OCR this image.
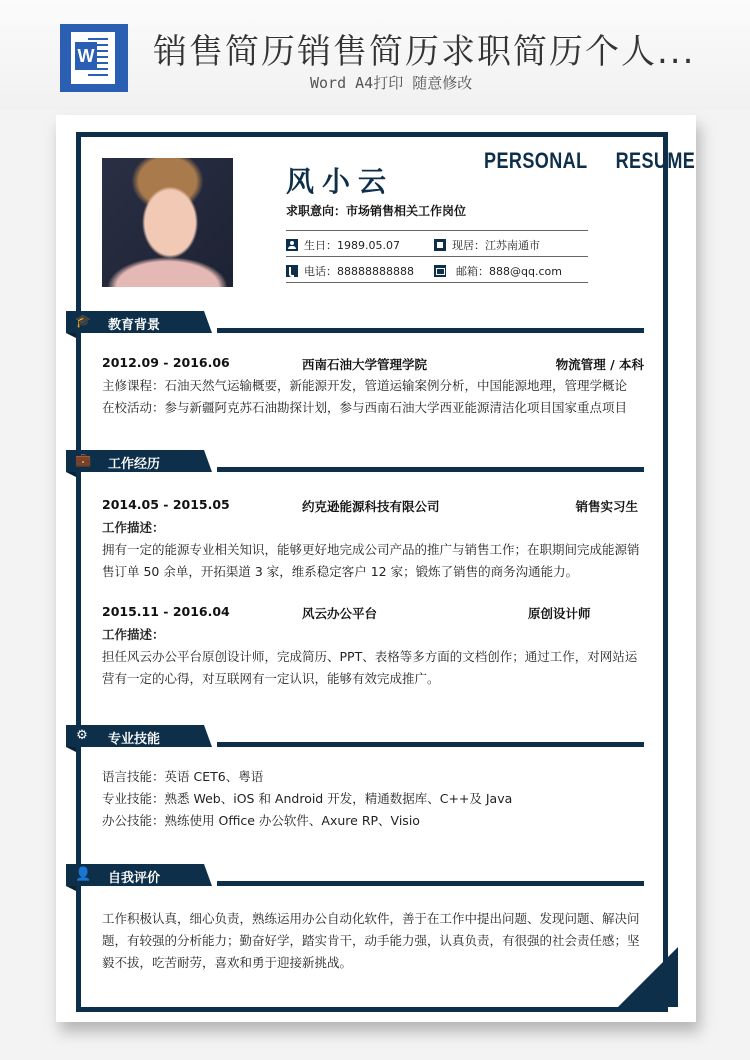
W 销售简历销售简历求职简历个人...
Word A4打印 随意修改
PERSONAL RESUME
风小云
求职意向：市场销售相关工作岗位
生日：1989.05.07	现居：江苏南通市
电话：88888888888	邮箱：888@qq.com
🎓 教育背景
2012.09 - 2016.06	西南石油大学管理学院	物流管理 / 本科
主修课程：石油天然气运输概要，新能源开发，管道运输案例分析，中国能源地理，管理学概论
在校活动：参与新疆阿克苏石油勘探计划，参与西南石油大学西亚能源清洁化项目国家重点项目
💼 工作经历
2014.05 - 2015.05	约克逊能源科技有限公司	销售实习生
工作描述：
拥有一定的能源专业相关知识，能够更好地完成公司产品的推广与销售工作；在职期间完成能源销售订单 50 余单，开拓渠道 3 家，维系稳定客户 12 家；锻炼了销售的商务沟通能力。
2015.11 - 2016.04	风云办公平台	原创设计师
工作描述：
担任风云办公平台原创设计师，完成简历、PPT、表格等多方面的文档创作；通过工作，对网站运营有一定的心得，对互联网有一定认识，能够有效完成推广。
⚙ 专业技能
语言技能：英语 CET6、粤语
专业技能：熟悉 Web、iOS 和 Android 开发，精通数据库、C++及 Java
办公技能：熟练使用 Office 办公软件、Axure RP、Visio
👤 自我评价
工作积极认真，细心负责，熟练运用办公自动化软件，善于在工作中提出问题、发现问题、解决问题，有较强的分析能力；勤奋好学，踏实肯干，动手能力强，认真负责，有很强的社会责任感；坚毅不拔，吃苦耐劳，喜欢和勇于迎接新挑战。
